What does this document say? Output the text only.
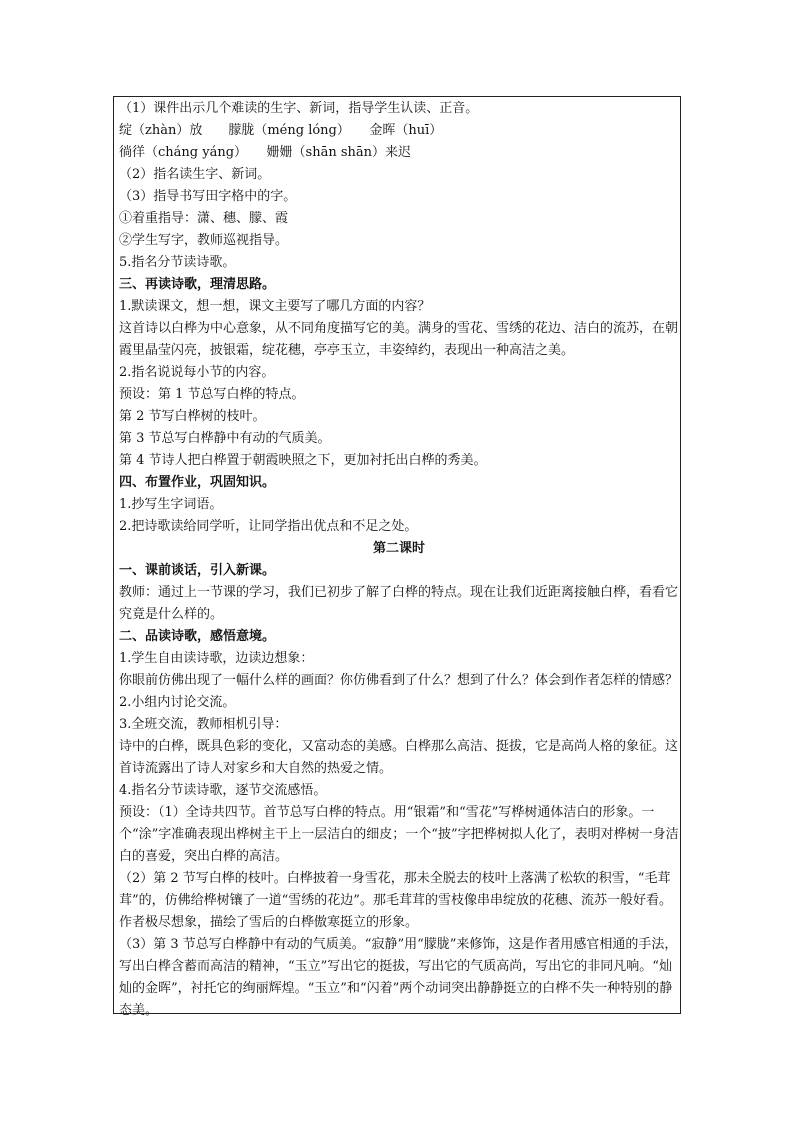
（1）课件出示几个难读的生字、新词，指导学生认读、正音。

绽（zhàn）放　　朦胧（méng lóng）　　金晖（huī）

徜徉（cháng yáng）　　姗姗（shān shān）来迟

（2）指名读生字、新词。

（3）指导书写田字格中的字。

①着重指导：潇、穗、朦、霞

②学生写字，教师巡视指导。

5.指名分节读诗歌。

三、再读诗歌，理清思路。

1.默读课文，想一想，课文主要写了哪几方面的内容？

这首诗以白桦为中心意象，从不同角度描写它的美。满身的雪花、雪绣的花边、洁白的流苏，在朝霞里晶莹闪亮，披银霜，绽花穗，亭亭玉立，丰姿绰约，表现出一种高洁之美。

2.指名说说每小节的内容。

预设：第 1 节总写白桦的特点。

第 2 节写白桦树的枝叶。

第 3 节总写白桦静中有动的气质美。

第 4 节诗人把白桦置于朝霞映照之下，更加衬托出白桦的秀美。

四、布置作业，巩固知识。

1.抄写生字词语。

2.把诗歌读给同学听，让同学指出优点和不足之处。

第二课时

一、课前谈话，引入新课。

教师：通过上一节课的学习，我们已初步了解了白桦的特点。现在让我们近距离接触白桦，看看它究竟是什么样的。

二、品读诗歌，感悟意境。

1.学生自由读诗歌，边读边想象：

你眼前仿佛出现了一幅什么样的画面？你仿佛看到了什么？想到了什么？体会到作者怎样的情感？

2.小组内讨论交流。

3.全班交流，教师相机引导：

诗中的白桦，既具色彩的变化，又富动态的美感。白桦那么高洁、挺拔，它是高尚人格的象征。这首诗流露出了诗人对家乡和大自然的热爱之情。

4.指名分节读诗歌，逐节交流感悟。

预设：（1）全诗共四节。首节总写白桦的特点。用“银霜”和“雪花”写桦树通体洁白的形象。一个“涂”字准确表现出桦树主干上一层洁白的细皮；一个“披”字把桦树拟人化了，表明对桦树一身洁白的喜爱，突出白桦的高洁。

（2）第 2 节写白桦的枝叶。白桦披着一身雪花，那未全脱去的枝叶上落满了松软的积雪，“毛茸茸”的，仿佛给桦树镶了一道“雪绣的花边”。那毛茸茸的雪枝像串串绽放的花穗、流苏一般好看。作者极尽想象，描绘了雪后的白桦傲寒挺立的形象。

（3）第 3 节总写白桦静中有动的气质美。“寂静”用“朦胧”来修饰，这是作者用感官相通的手法，写出白桦含蓄而高洁的精神，“玉立”写出它的挺拔，写出它的气质高尚，写出它的非同凡响。“灿灿的金晖”，衬托它的绚丽辉煌。“玉立”和“闪着”两个动词突出静静挺立的白桦不失一种特别的静态美。
